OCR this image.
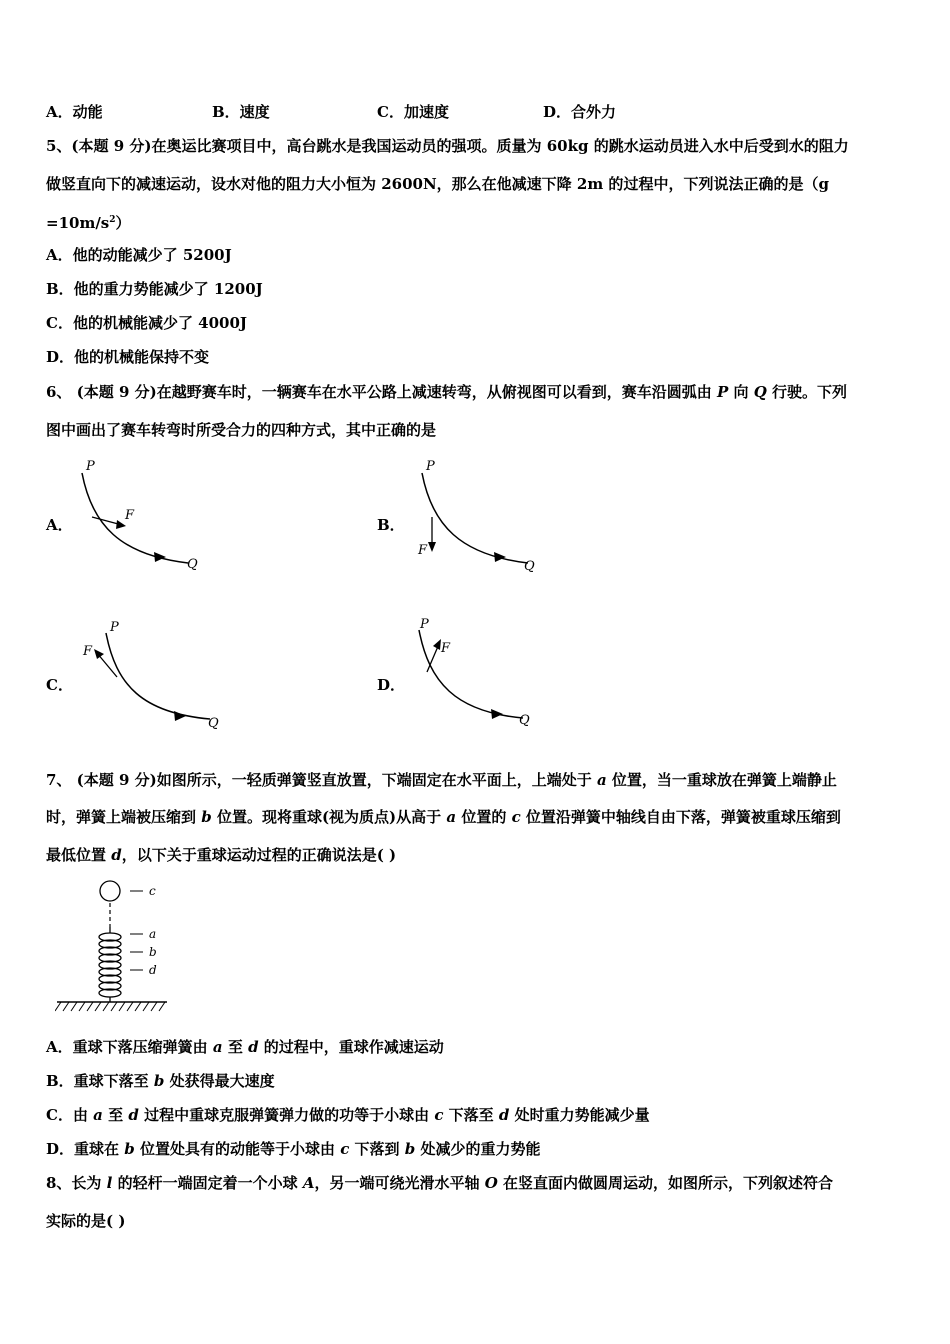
A．动能	B．速度	C．加速度	D．合外力
5、(本题 9 分)在奥运比赛项目中，高台跳水是我国运动员的强项。质量为 60kg 的跳水运动员进入水中后受到水的阻力
做竖直向下的减速运动，设水对他的阻力大小恒为 2600N，那么在他减速下降 2m 的过程中，下列说法正确的是（g
$=10m/s^2$）
A．他的动能减少了 5200J
B．他的重力势能减少了 1200J
C．他的机械能减少了 4000J
D．他的机械能保持不变
6、 (本题 9 分)在越野赛车时，一辆赛车在水平公路上减速转弯，从俯视图可以看到，赛车沿圆弧由 P 向 Q 行驶。下列
图中画出了赛车转弯时所受合力的四种方式，其中正确的是
A．	B．
C．	D．
P
F
Q
P
F
Q
P
F
Q
P
F
Q
7、 (本题 9 分)如图所示，一轻质弹簧竖直放置，下端固定在水平面上，上端处于 a 位置，当一重球放在弹簧上端静止
时，弹簧上端被压缩到 b 位置。现将重球(视为质点)从高于 a 位置的 c 位置沿弹簧中轴线自由下落，弹簧被重球压缩到
最低位置 d，以下关于重球运动过程的正确说法是( )
c
a
b
d
A．重球下落压缩弹簧由 a 至 d 的过程中，重球作减速运动
B．重球下落至 b 处获得最大速度
C．由 a 至 d 过程中重球克服弹簧弹力做的功等于小球由 c 下落至 d 处时重力势能减少量
D．重球在 b 位置处具有的动能等于小球由 c 下落到 b 处减少的重力势能
8、长为 l 的轻杆一端固定着一个小球 A，另一端可绕光滑水平轴 O 在竖直面内做圆周运动，如图所示，下列叙述符合
实际的是( )
